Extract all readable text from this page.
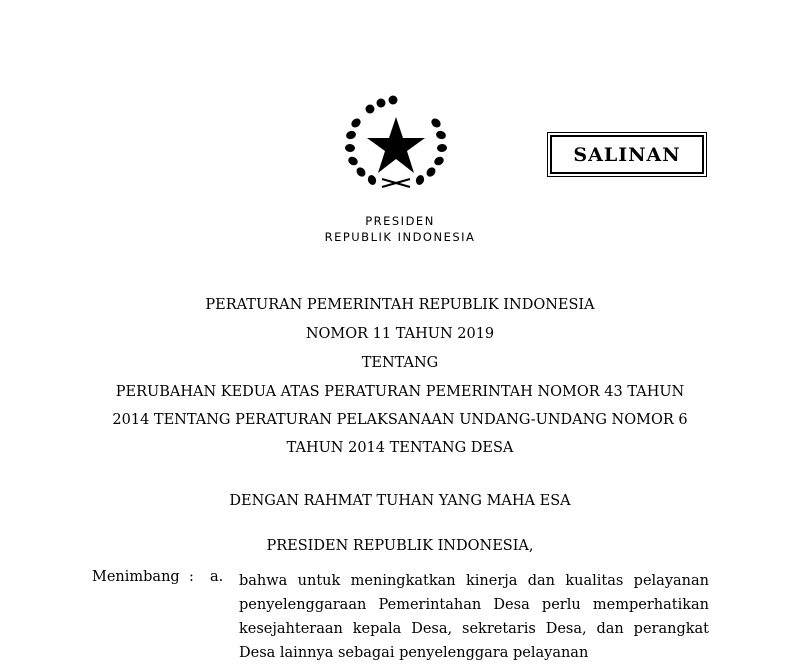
SALINAN
PRESIDEN
REPUBLIK INDONESIA
PERATURAN PEMERINTAH REPUBLIK INDONESIA
NOMOR 11 TAHUN 2019
TENTANG
PERUBAHAN KEDUA ATAS PERATURAN PEMERINTAH NOMOR 43 TAHUN
2014 TENTANG PERATURAN PELAKSANAAN UNDANG-UNDANG NOMOR 6
TAHUN 2014 TENTANG DESA
DENGAN RAHMAT TUHAN YANG MAHA ESA
PRESIDEN REPUBLIK INDONESIA,
Menimbang : a. bahwa untuk meningkatkan kinerja dan kualitas pelayanan penyelenggaraan Pemerintahan Desa perlu memperhatikan kesejahteraan kepala Desa, sekretaris Desa, dan perangkat Desa lainnya sebagai penyelenggara pelayanan
